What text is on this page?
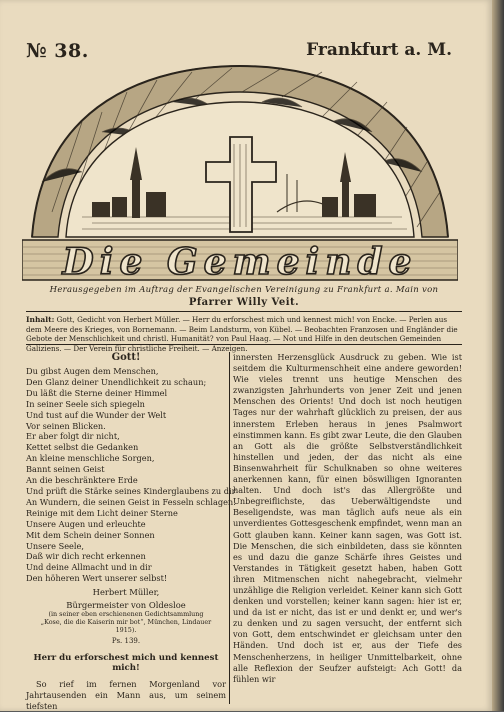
№ 38.	Frankfurt a. M.
Die Gemeinde
Herausgegeben im Auftrag der Evangelischen Vereinigung zu Frankfurt a. Main von
Pfarrer Willy Veit.
Inhalt: Gott, Gedicht von Herbert Müller. — Herr du erforschest mich und kennest mich! von Encke. — Perlen aus dem Meere des Krieges, von Bornemann. — Beim Landsturm, von Kübel. — Beobachten Franzosen und Engländer die Gebote der Menschlichkeit und christl. Humanität? von Paul Haag. — Not und Hilfe in den deutschen Gemeinden Galiziens. — Der Verein für christliche Freiheit. — Anzeigen.
Gott!
Du gibst Augen dem Menschen,
Den Glanz deiner Unendlichkeit zu schaun;
Du läßt die Sterne deiner Himmel
In seiner Seele sich spiegeln
Und tust auf die Wunder der Welt
Vor seinen Blicken.
Er aber folgt dir nicht,
Kettet selbst die Gedanken
An kleine menschliche Sorgen,
Bannt seinen Geist
An die beschränktere Erde
Und prüft die Stärke seines Kinderglaubens zu dir
An Wundern, die seinen Geist in Fesseln schlagen.
Reinige mit dem Licht deiner Sterne
Unsere Augen und erleuchte
Mit dem Schein deiner Sonnen
Unsere Seele,
Daß wir dich recht erkennen
Und deine Allmacht und in dir
Den höheren Wert unserer selbst!
Herbert Müller,
Bürgermeister von Oldesloe
(in seiner eben erschienenen Gedichtsammlung „Kose, die die Kaiserin mir bot“, München, Lindauer 1915).
Ps. 139.
Herr du erforschest mich und kennest mich!
So rief im fernen Morgenland vor Jahrtausenden ein Mann aus, um seinem tiefsten
innersten Herzensglück Ausdruck zu geben. Wie ist seitdem die Kulturmenschheit eine andere geworden! Wie vieles trennt uns heutige Menschen des zwanzigsten Jahrhunderts von jener Zeit und jenen Menschen des Orients! Und doch ist noch heutigen Tages nur der wahrhaft glücklich zu preisen, der aus innerstem Erleben heraus in jenes Psalmwort einstimmen kann. Es gibt zwar Leute, die den Glauben an Gott als die größte Selbstverständlichkeit hinstellen und jeden, der das nicht als eine Binsenwahrheit für Schulknaben so ohne weiteres anerkennen kann, für einen böswilligen Ignoranten halten. Und doch ist's das Allergrößte und Unbegreiflichste, das Ueberwältigendste und Beseligendste, was man täglich aufs neue als ein unverdientes Gottesgeschenk empfindet, wenn man an Gott glauben kann. Keiner kann sagen, was Gott ist. Die Menschen, die sich einbildeten, dass sie könnten es und dazu die ganze Schärfe ihres Geistes und Verstandes in Tätigkeit gesetzt haben, haben Gott ihren Mitmenschen nicht nahegebracht, vielmehr unzählige die Religion verleidet. Keiner kann sich Gott denken und vorstellen; keiner kann sagen: hier ist er, und da ist er nicht, das ist er und denkt er, und wer's zu denken und zu sagen versucht, der entfernt sich von Gott, dem entschwindet er gleichsam unter den Händen. Und doch ist er, aus der Tiefe des Menschenherzens, in heiliger Unmittelbarkeit, ohne alle Reflexion der Seufzer aufsteigt: Ach Gott! da fühlen wir
